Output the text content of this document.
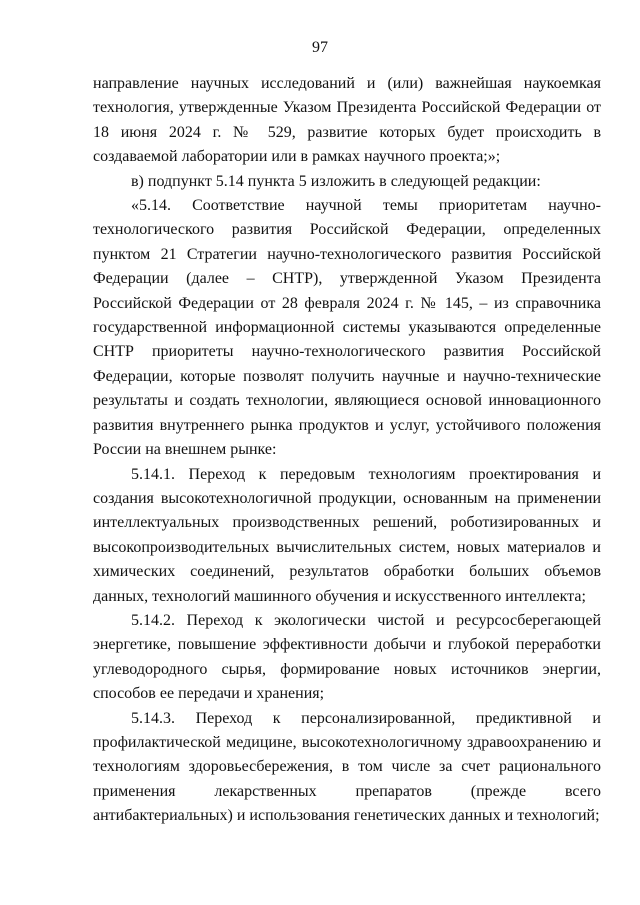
97

направление научных исследований и (или) важнейшая наукоемкая технология, утвержденные Указом Президента Российской Федерации от 18 июня 2024 г. № 529, развитие которых будет происходить в создаваемой лаборатории или в рамках научного проекта;»;

в) подпункт 5.14 пункта 5 изложить в следующей редакции:

«5.14. Соответствие научной темы приоритетам научно-технологического развития Российской Федерации, определенных пунктом 21 Стратегии научно-технологического развития Российской Федерации (далее – СНТР), утвержденной Указом Президента Российской Федерации от 28 февраля 2024 г. № 145, – из справочника государственной информационной системы указываются определенные СНТР приоритеты научно-технологического развития Российской Федерации, которые позволят получить научные и научно-технические результаты и создать технологии, являющиеся основой инновационного развития внутреннего рынка продуктов и услуг, устойчивого положения России на внешнем рынке:

5.14.1. Переход к передовым технологиям проектирования и создания высокотехнологичной продукции, основанным на применении интеллектуальных производственных решений, роботизированных и высокопроизводительных вычислительных систем, новых материалов и химических соединений, результатов обработки больших объемов данных, технологий машинного обучения и искусственного интеллекта;

5.14.2. Переход к экологически чистой и ресурсосберегающей энергетике, повышение эффективности добычи и глубокой переработки углеводородного сырья, формирование новых источников энергии, способов ее передачи и хранения;

5.14.3. Переход к персонализированной, предиктивной и профилактической медицине, высокотехнологичному здравоохранению и технологиям здоровьесбережения, в том числе за счет рационального применения лекарственных препаратов (прежде всего антибактериальных) и использования генетических данных и технологий;
